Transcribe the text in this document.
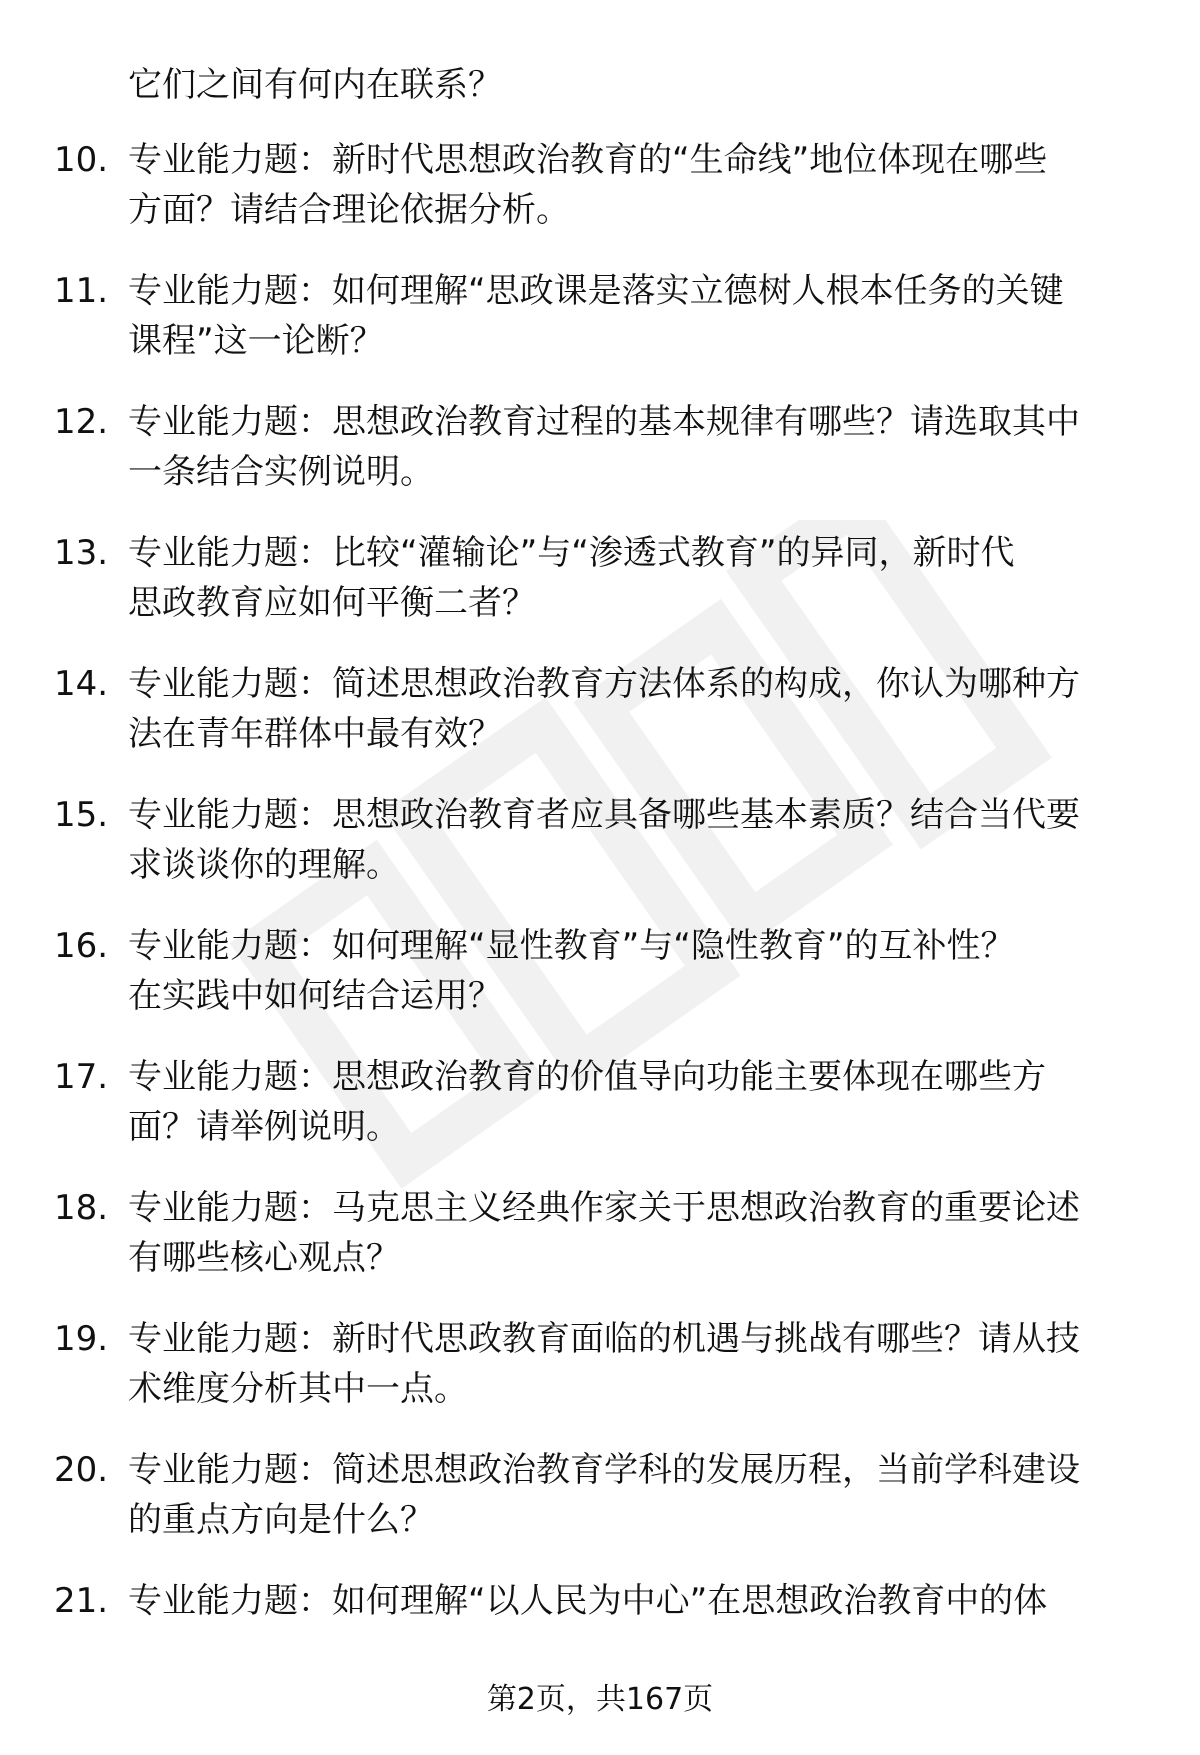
它们之间有何内在联系？

10. 专业能力题：新时代思想政治教育的“生命线”地位体现在哪些
方面？请结合理论依据分析。

11. 专业能力题：如何理解“思政课是落实立德树人根本任务的关键
课程”这一论断？

12. 专业能力题：思想政治教育过程的基本规律有哪些？请选取其中
一条结合实例说明。

13. 专业能力题：比较“灌输论”与“渗透式教育”的异同，新时代
思政教育应如何平衡二者？

14. 专业能力题：简述思想政治教育方法体系的构成，你认为哪种方
法在青年群体中最有效？

15. 专业能力题：思想政治教育者应具备哪些基本素质？结合当代要
求谈谈你的理解。

16. 专业能力题：如何理解“显性教育”与“隐性教育”的互补性？
在实践中如何结合运用？

17. 专业能力题：思想政治教育的价值导向功能主要体现在哪些方
面？请举例说明。

18. 专业能力题：马克思主义经典作家关于思想政治教育的重要论述
有哪些核心观点？

19. 专业能力题：新时代思政教育面临的机遇与挑战有哪些？请从技
术维度分析其中一点。

20. 专业能力题：简述思想政治教育学科的发展历程，当前学科建设
的重点方向是什么？

21. 专业能力题：如何理解“以人民为中心”在思想政治教育中的体

第2页，共167页
